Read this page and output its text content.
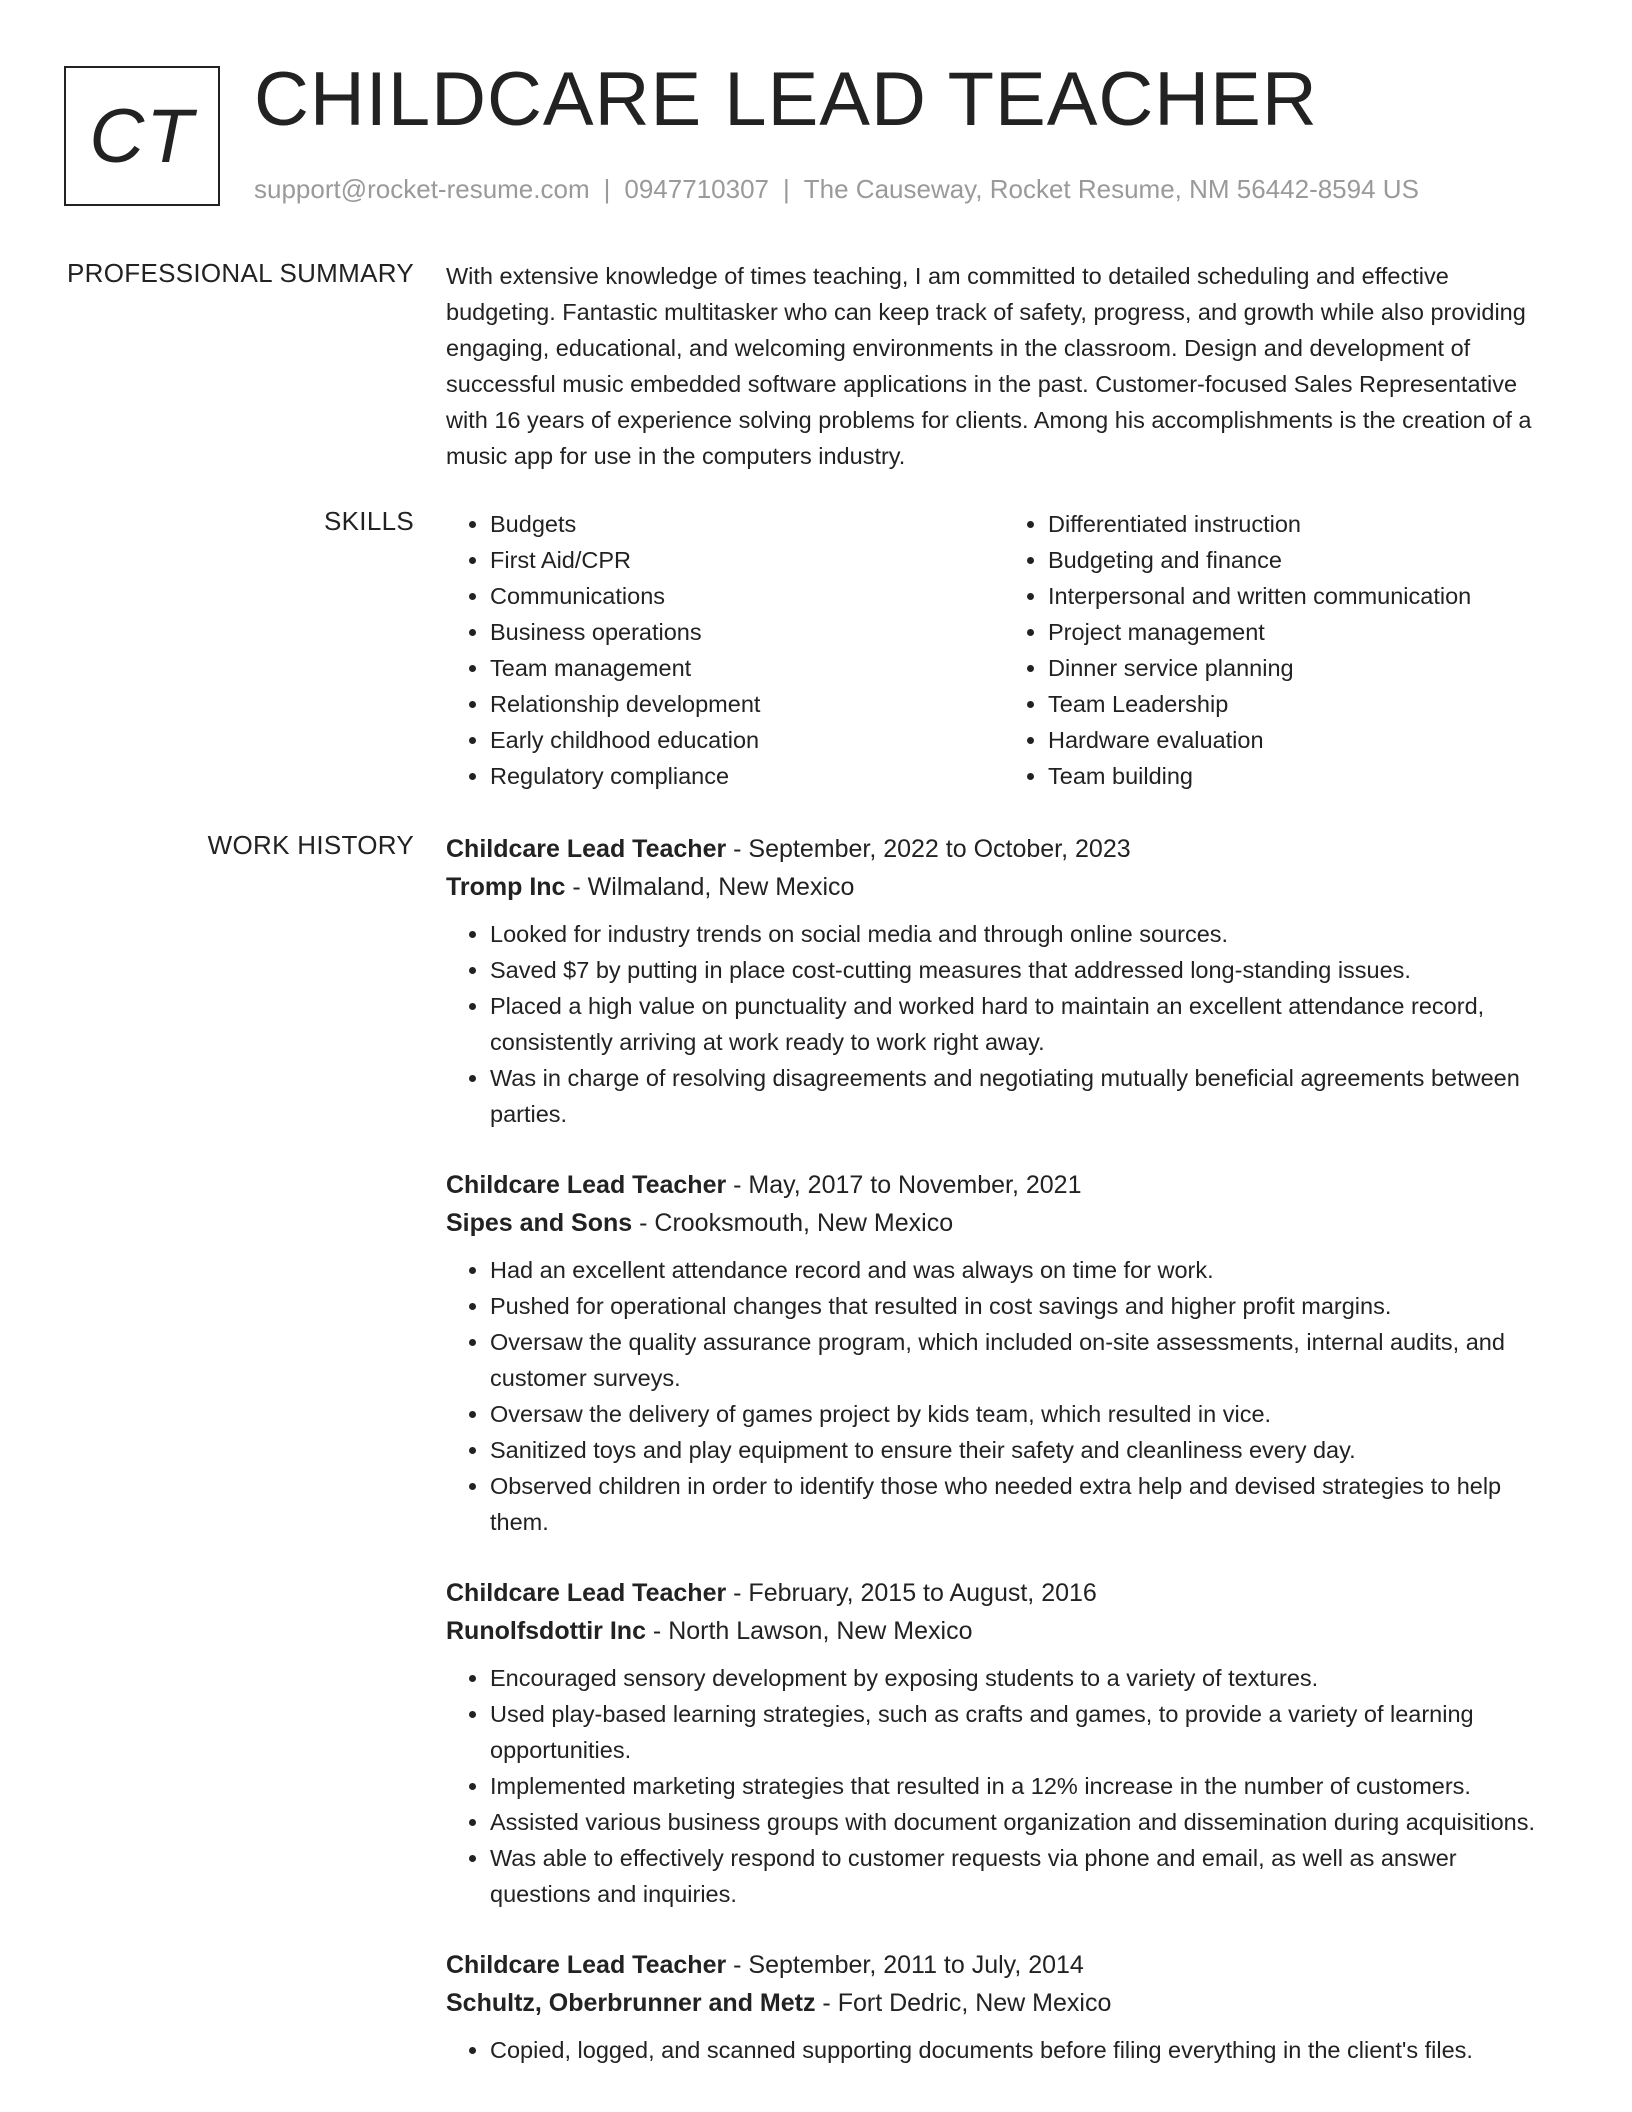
CT CHILDCARE LEAD TEACHER
support@rocket-resume.com | 0947710307 | The Causeway, Rocket Resume, NM 56442-8594 US
PROFESSIONAL SUMMARY With extensive knowledge of times teaching, I am committed to detailed scheduling and effective budgeting. Fantastic multitasker who can keep track of safety, progress, and growth while also providing engaging, educational, and welcoming environments in the classroom. Design and development of successful music embedded software applications in the past. Customer-focused Sales Representative with 16 years of experience solving problems for clients. Among his accomplishments is the creation of a music app for use in the computers industry.

SKILLS
•	Budgets
• First Aid/CPR
• Communications
• Business operations
• Team management
• Relationship development
• Early childhood education
• Regulatory compliance
• Differentiated instruction
• Budgeting and finance
• Interpersonal and written communication
• Project management
• Dinner service planning
• Team Leadership
• Hardware evaluation
• Team building
WORK HISTORY Childcare Lead Teacher - September, 2022 to October, 2023
Tromp Inc - Wilmaland, New Mexico
• Looked for industry trends on social media and through online sources.
• Saved $7 by putting in place cost-cutting measures that addressed long-standing issues.
• Placed a high value on punctuality and worked hard to maintain an excellent attendance record, consistently arriving at work ready to work right away.
• Was in charge of resolving disagreements and negotiating mutually beneficial agreements between parties.
Childcare Lead Teacher - May, 2017 to November, 2021
Sipes and Sons - Crooksmouth, New Mexico
• Had an excellent attendance record and was always on time for work.
• Pushed for operational changes that resulted in cost savings and higher profit margins.
• Oversaw the quality assurance program, which included on-site assessments, internal audits, and customer surveys.
• Oversaw the delivery of games project by kids team, which resulted in vice.
• Sanitized toys and play equipment to ensure their safety and cleanliness every day.
• Observed children in order to identify those who needed extra help and devised strategies to help them.
Childcare Lead Teacher - February, 2015 to August, 2016
Runolfsdottir Inc - North Lawson, New Mexico
• Encouraged sensory development by exposing students to a variety of textures.
• Used play-based learning strategies, such as crafts and games, to provide a variety of learning opportunities.
• Implemented marketing strategies that resulted in a 12% increase in the number of customers.
• Assisted various business groups with document organization and dissemination during acquisitions.
• Was able to effectively respond to customer requests via phone and email, as well as answer questions and inquiries.
Childcare Lead Teacher - September, 2011 to July, 2014
Schultz, Oberbrunner and Metz - Fort Dedric, New Mexico
• Copied, logged, and scanned supporting documents before filing everything in the client's files.
